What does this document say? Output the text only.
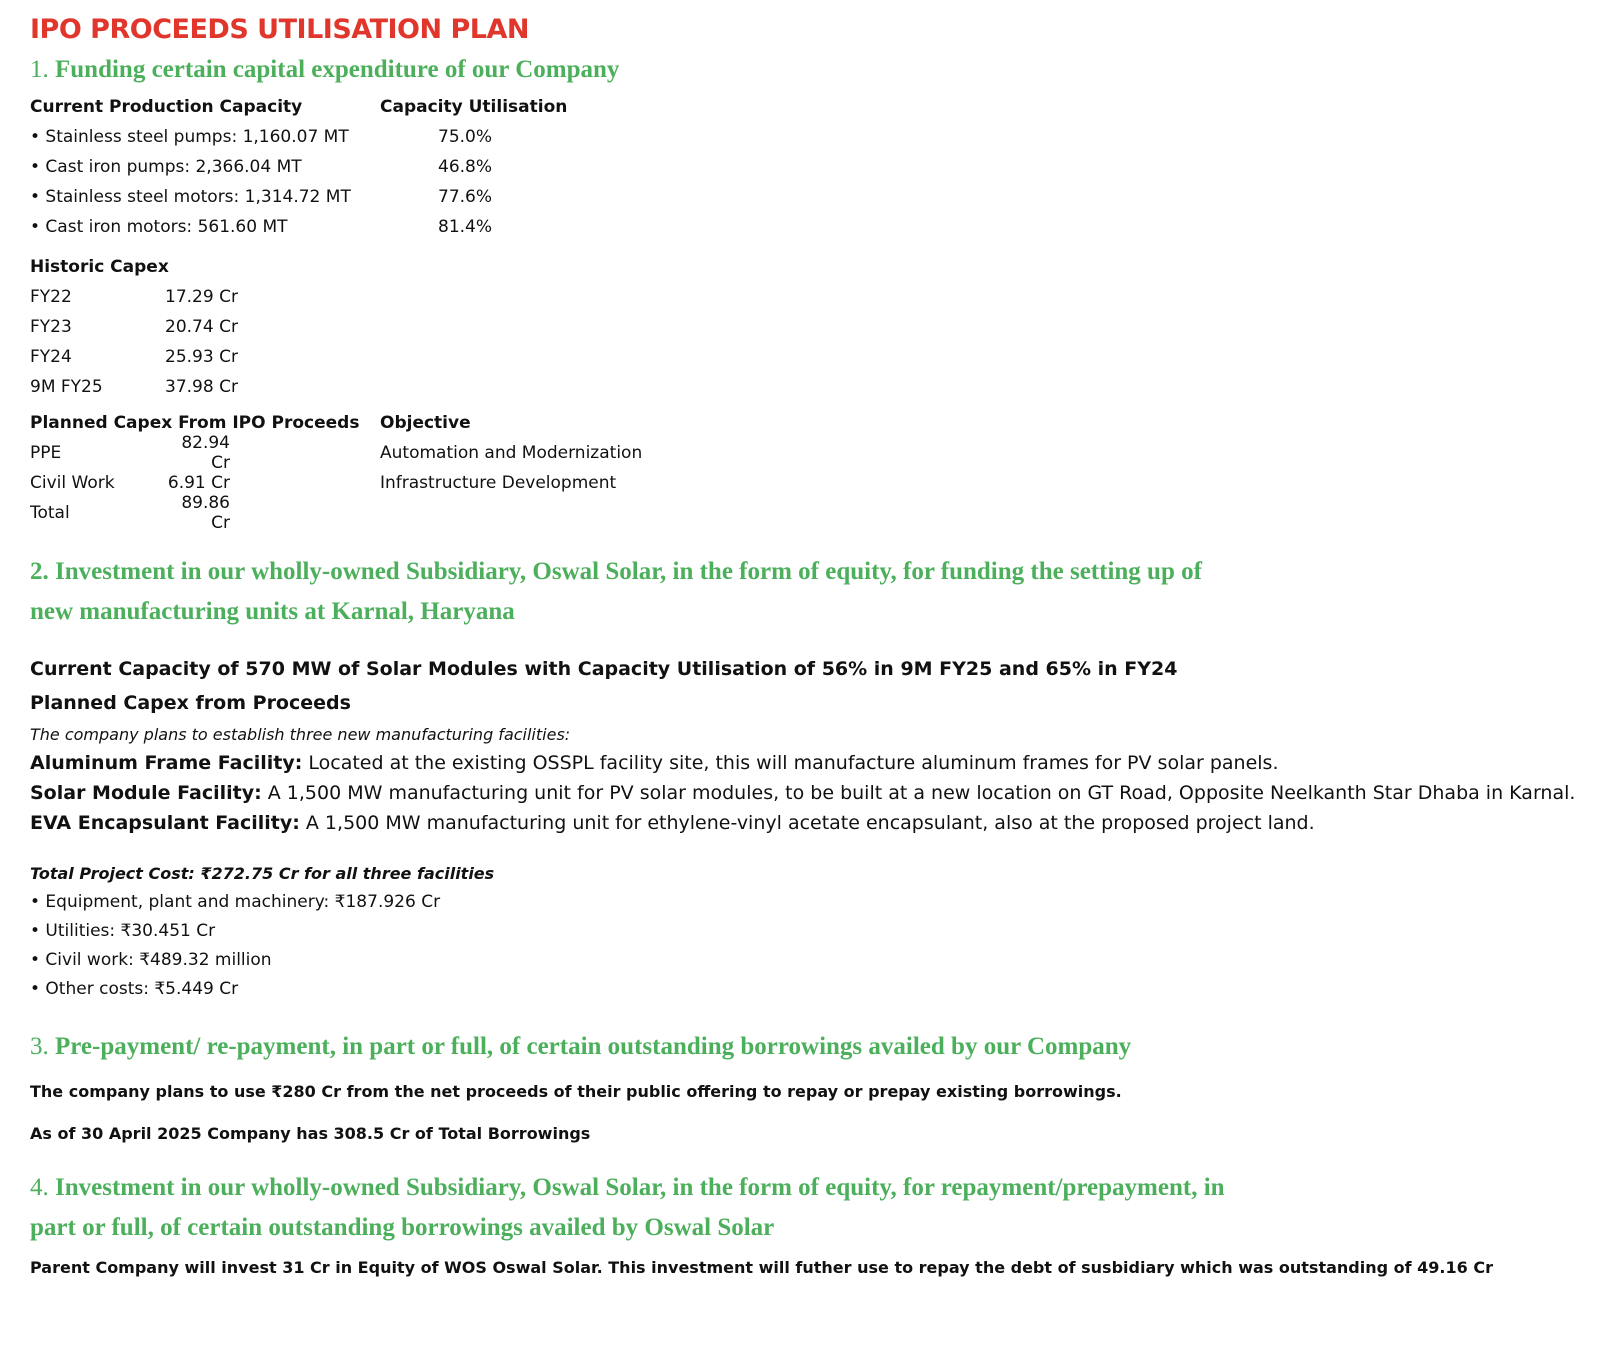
IPO PROCEEDS UTILISATION PLAN
1. Funding certain capital expenditure of our Company
Current Production Capacity	Capacity Utilisation
• Stainless steel pumps: 1,160.07 MT	75.0%
• Cast iron pumps: 2,366.04 MT	46.8%
• Stainless steel motors: 1,314.72 MT	77.6%
• Cast iron motors: 561.60 MT	81.4%
Historic Capex
FY22	17.29 Cr
FY23	20.74 Cr
FY24	25.93 Cr
9M FY25	37.98 Cr
Planned Capex From IPO Proceeds	Objective
PPE	82.94 Cr	Automation and Modernization
Civil Work	6.91 Cr	Infrastructure Development
Total	89.86 Cr
2. Investment in our wholly-owned Subsidiary, Oswal Solar, in the form of equity, for funding the setting up of
new manufacturing units at Karnal, Haryana
Current Capacity of 570 MW of Solar Modules with Capacity Utilisation of 56% in 9M FY25 and 65% in FY24
Planned Capex from Proceeds
The company plans to establish three new manufacturing facilities:
Aluminum Frame Facility: Located at the existing OSSPL facility site, this will manufacture aluminum frames for PV solar panels.
Solar Module Facility: A 1,500 MW manufacturing unit for PV solar modules, to be built at a new location on GT Road, Opposite Neelkanth Star Dhaba in Karnal.
EVA Encapsulant Facility: A 1,500 MW manufacturing unit for ethylene-vinyl acetate encapsulant, also at the proposed project land.
Total Project Cost: ₹272.75 Cr for all three facilities
• Equipment, plant and machinery: ₹187.926 Cr
• Utilities: ₹30.451 Cr
• Civil work: ₹489.32 million
• Other costs: ₹5.449 Cr
3. Pre-payment/ re-payment, in part or full, of certain outstanding borrowings availed by our Company
The company plans to use ₹280 Cr from the net proceeds of their public offering to repay or prepay existing borrowings.
As of 30 April 2025 Company has 308.5 Cr of Total Borrowings
4. Investment in our wholly-owned Subsidiary, Oswal Solar, in the form of equity, for repayment/prepayment, in
part or full, of certain outstanding borrowings availed by Oswal Solar
Parent Company will invest 31 Cr in Equity of WOS Oswal Solar. This investment will futher use to repay the debt of susbidiary which was outstanding of 49.16 Cr
